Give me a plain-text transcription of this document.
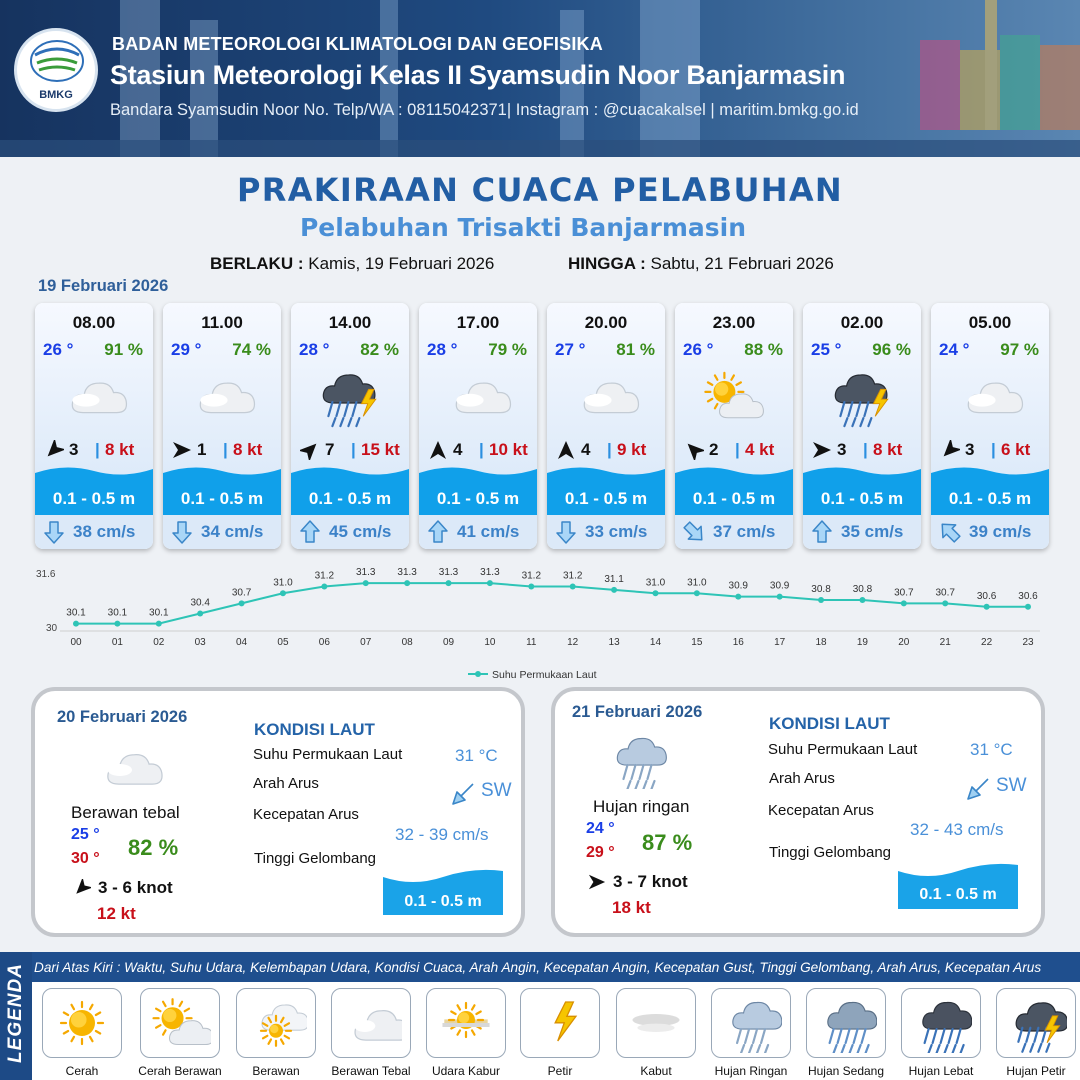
BMKG
BADAN METEOROLOGI KLIMATOLOGI DAN GEOFISIKA
Stasiun Meteorologi Kelas II Syamsudin Noor Banjarmasin
Bandara Syamsudin Noor No. Telp/WA : 08115042371| Instagram : @cuacakalsel | maritim.bmkg.go.id
PRAKIRAAN CUACA PELABUHAN
Pelabuhan Trisakti Banjarmasin
BERLAKU : Kamis, 19 Februari 2026	HINGGA : Sabtu, 21 Februari 2026
19 Februari 2026
08.00
26 ° 91 %
3 | 8 kt
0.1 - 0.5 m
38 cm/s
11.00
29 ° 74 %
1 | 8 kt
0.1 - 0.5 m
34 cm/s
14.00
28 ° 82 %
7 | 15 kt
0.1 - 0.5 m
45 cm/s
17.00
28 ° 79 %
4 | 10 kt
0.1 - 0.5 m
41 cm/s
20.00
27 ° 81 %
4 | 9 kt
0.1 - 0.5 m
33 cm/s
23.00
26 ° 88 %
2 | 4 kt
0.1 - 0.5 m
37 cm/s
02.00
25 ° 96 %
3 | 8 kt
0.1 - 0.5 m
35 cm/s
05.00
24 ° 97 %
3 | 6 kt
0.1 - 0.5 m
39 cm/s
31.6
30
30.1
00
30.1
01
30.1
02
30.4
03
30.7
04
31.0
05
31.2
06
31.3
07
31.3
08
31.3
09
31.3
10
31.2
11
31.2
12
31.1
13
31.0
14
31.0
15
30.9
16
30.9
17
30.8
18
30.8
19
30.7
20
30.7
21
30.6
22
30.6
23
Suhu Permukaan Laut
20 Februari 2026
Berawan tebal
25 °
30 ° 82 %
3 - 6 knot
12 kt
KONDISI LAUT
Suhu Permukaan Laut	31 °C
Arah Arus	SW
Kecepatan Arus
32 - 39 cm/s
Tinggi Gelombang
0.1 - 0.5 m
21 Februari 2026
Hujan ringan
24 °
29 ° 87 %
3 - 7 knot
18 kt
KONDISI LAUT
Suhu Permukaan Laut	31 °C
Arah Arus	SW
Kecepatan Arus
32 - 43 cm/s
Tinggi Gelombang
0.1 - 0.5 m
LEGENDA Dari Atas Kiri : Waktu, Suhu Udara, Kelembapan Udara, Kondisi Cuaca, Arah Angin, Kecepatan Angin, Kecepatan Gust, Tinggi Gelombang, Arah Arus, Kecepatan Arus
Cerah	Cerah Berawan	Berawan	Berawan Tebal	Udara Kabur	Petir	Kabut	Hujan Ringan	Hujan Sedang	Hujan Lebat	Hujan Petir
